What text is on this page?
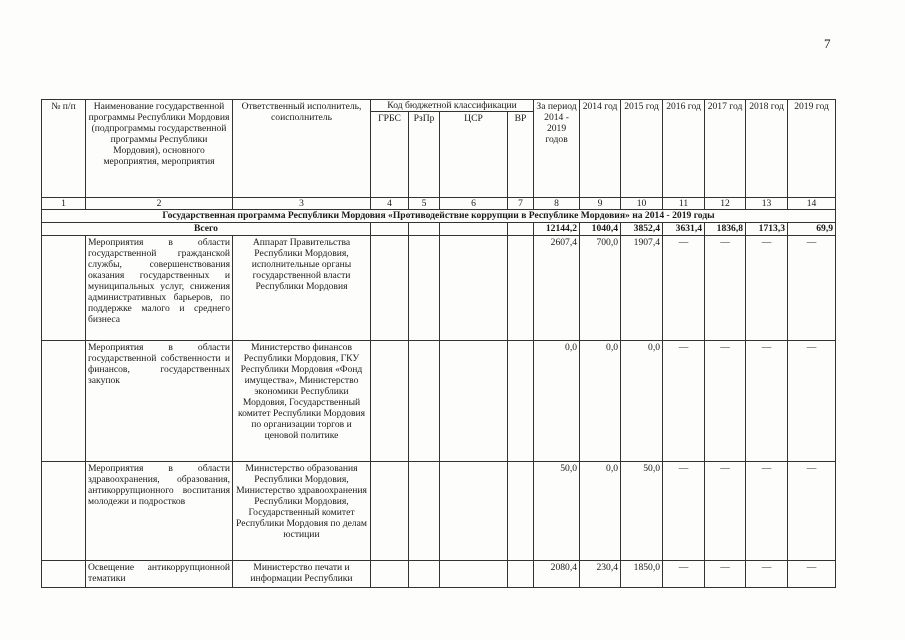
7
№ п/п	Наименование государственной программы Республики Мордовия (подпрограммы государственной программы Республики Мордовия), основного мероприятия, мероприятия	Ответственный исполнитель, соисполнитель	Код бюджетной классификации				За период 2014 - 2019 годов	2014 год	2015 год	2016 год	2017 год	2018 год	2019 год
			ГРБС	РзПр	ЦСР	ВР							
1	2	3	4	5	6	7	8	9	10	11	12	13	14
Государственная программа Республики Мордовия «Противодействие коррупции в Республике Мордовия» на 2014 - 2019 годы													
Всего							12144,2	1040,4	3852,4	3631,4	1836,8	1713,3	69,9
	Мероприятия в области государственной гражданской службы, совершенствования оказания государственных и муниципальных услуг, снижения административных барьеров, по поддержке малого и среднего бизнеса	Аппарат Правительства Республики Мордовия, исполнительные органы государственной власти Республики Мордовия					2607,4	700,0	1907,4	—	—	—	—
	Мероприятия в области государственной собственности и финансов, государственных закупок	Министерство финансов Республики Мордовия, ГКУ Республики Мордовия «Фонд имущества», Министерство экономики Республики Мордовия, Государственный комитет Республики Мордовия по организации торгов и ценовой политике					0,0	0,0	0,0	—	—	—	—
	Мероприятия в области здравоохранения, образования, антикоррупционного воспитания молодежи и подростков	Министерство образования Республики Мордовия, Министерство здравоохранения Республики Мордовия, Государственный комитет Республики Мордовия по делам юстиции					50,0	0,0	50,0	—	—	—	—
	Освещение антикоррупционной тематики	Министерство печати и информации Республики					2080,4	230,4	1850,0	—	—	—	—
